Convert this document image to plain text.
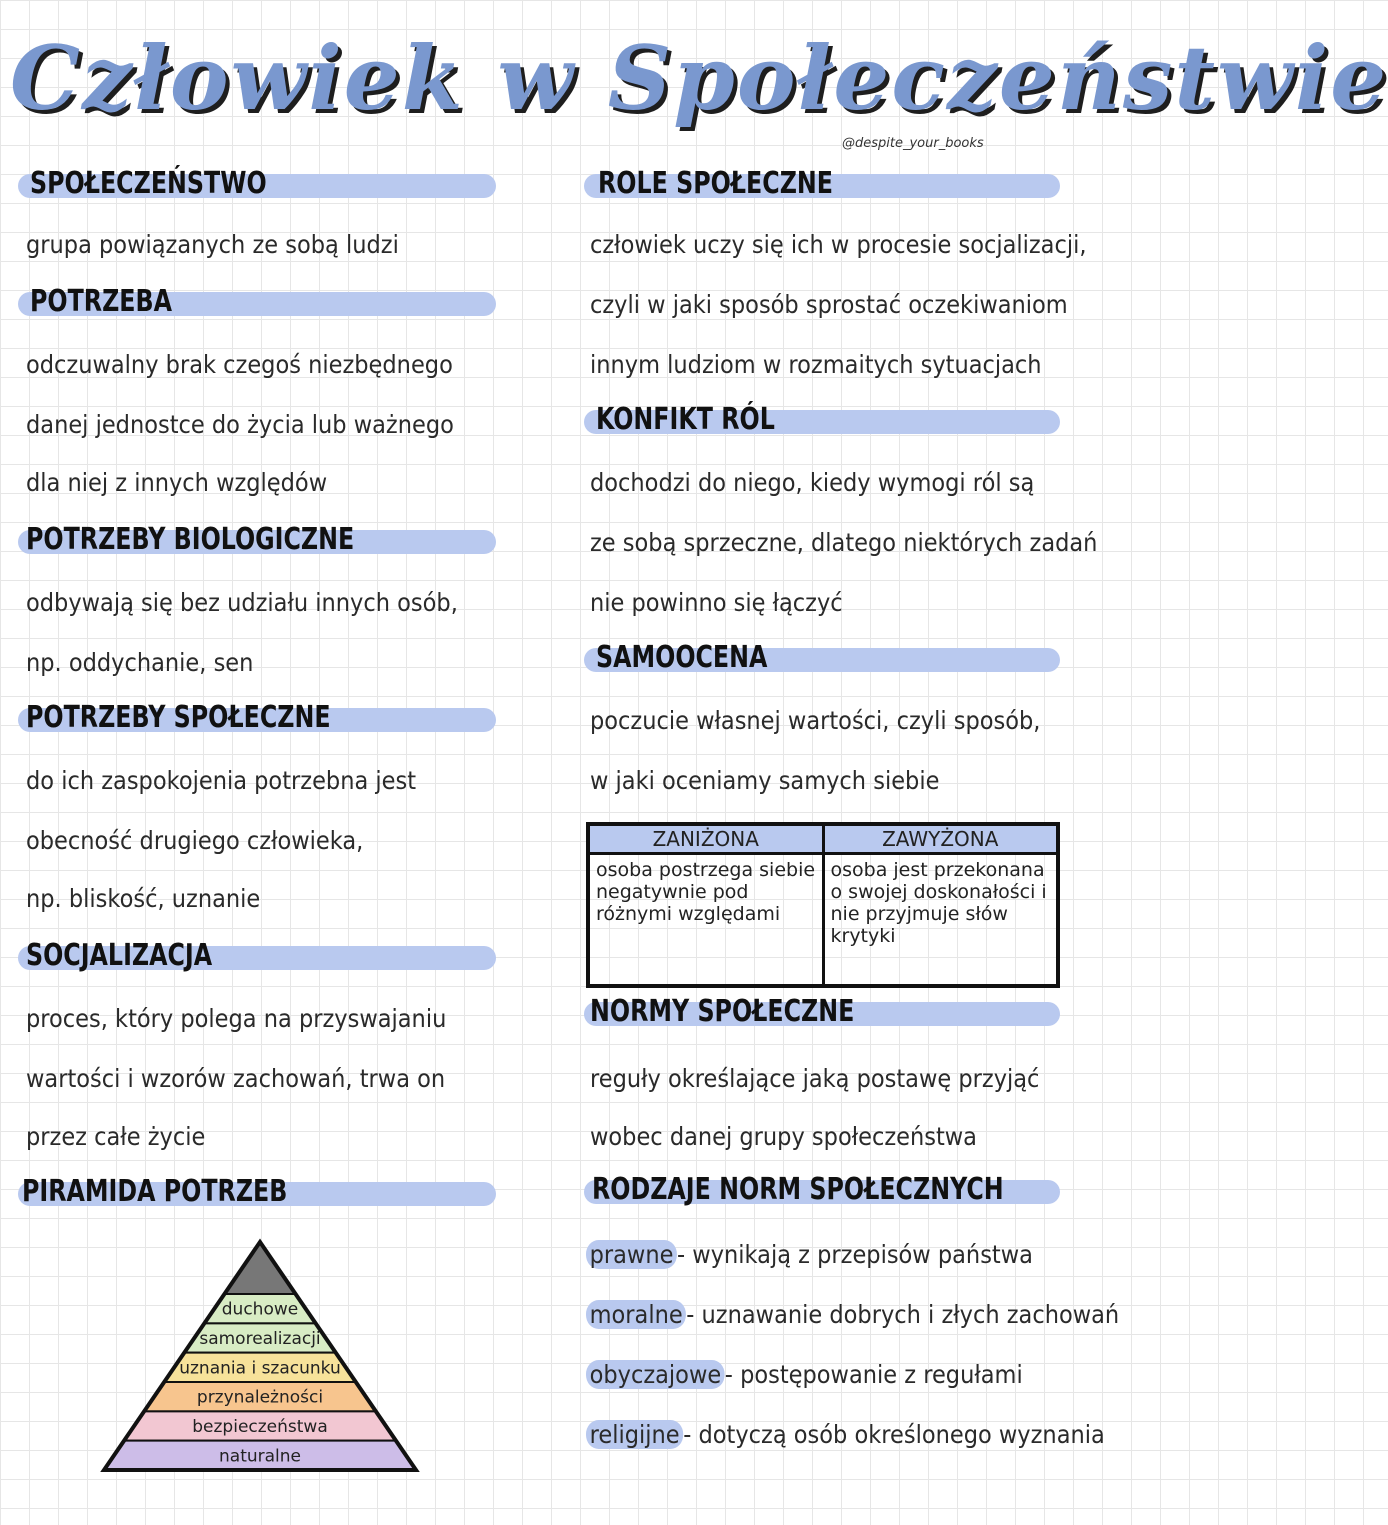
Człowiek w Społeczeństwie
@despite_your_books
SPOŁECZEŃSTWO
grupa powiązanych ze sobą ludzi
POTRZEBA
odczuwalny brak czegoś niezbędnego
danej jednostce do życia lub ważnego
dla niej z innych względów
POTRZEBY BIOLOGICZNE
odbywają się bez udziału innych osób,
np. oddychanie, sen
POTRZEBY SPOŁECZNE
do ich zaspokojenia potrzebna jest
obecność drugiego człowieka,
np. bliskość, uznanie
SOCJALIZACJA
proces, który polega na przyswajaniu
wartości i wzorów zachowań, trwa on
przez całe życie
PIRAMIDA POTRZEB
duchowe
samorealizacji
uznania i szacunku
przynależności
bezpieczeństwa
naturalne
ROLE SPOŁECZNE
człowiek uczy się ich w procesie socjalizacji,
czyli w jaki sposób sprostać oczekiwaniom
innym ludziom w rozmaitych sytuacjach
KONFIKT RÓL
dochodzi do niego, kiedy wymogi ról są
ze sobą sprzeczne, dlatego niektórych zadań
nie powinno się łączyć
SAMOOCENA
poczucie własnej wartości, czyli sposób,
w jaki oceniamy samych siebie
ZANIŻONA	ZAWYŻONA
osoba postrzega siebie negatywnie pod różnymi względami	osoba jest przekonana o swojej doskonałości i nie przyjmuje słów krytyki
NORMY SPOŁECZNE
reguły określające jaką postawę przyjąć
wobec danej grupy społeczeństwa
RODZAJE NORM SPOŁECZNYCH
prawne - wynikają z przepisów państwa
moralne - uznawanie dobrych i złych zachowań
obyczajowe - postępowanie z regułami
religijne - dotyczą osób określonego wyznania
